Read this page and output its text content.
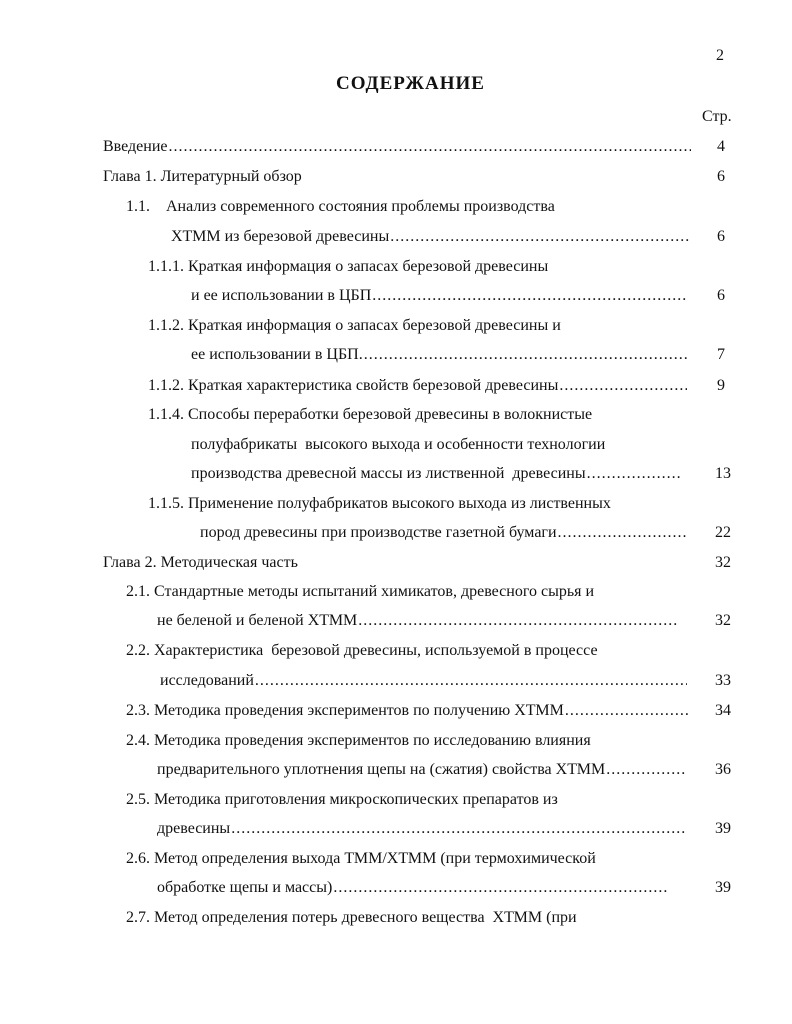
2
СОДЕРЖАНИЕ
Стр.
Введение .....	4
Глава 1. Литературный обзор	6
1.1.    Анализ современного состояния проблемы производства
ХТММ из березовой древесины .....	6
1.1.1. Краткая информация о запасах березовой древесины
и ее использовании в ЦБП .....	6
1.1.2. Краткая информация о запасах березовой древесины и
ее использовании в ЦБП. .....	7
1.1.2. Краткая характеристика свойств березовой древесины .....	9
1.1.4. Способы переработки березовой древесины в волокнистые
полуфабрикаты  высокого выхода и особенности технологии
производства древесной массы из лиственной  древесины .....	13
1.1.5. Применение полуфабрикатов высокого выхода из лиственных
пород древесины при производстве газетной бумаги .....	22
Глава 2. Методическая часть	32
2.1. Стандартные методы испытаний химикатов, древесного сырья и
не беленой и беленой ХТММ .....	32
2.2. Характеристика  березовой древесины, используемой в процессе
исследований .....	33
2.3. Методика проведения экспериментов по получению ХТММ .....	34
2.4. Методика проведения экспериментов по исследованию влияния
предварительного уплотнения щепы на (сжатия) свойства ХТММ .....	36
2.5. Методика приготовления микроскопических препаратов из
древесины .....	39
2.6. Метод определения выхода ТММ/ХТММ (при термохимической
обработке щепы и массы) .....	39
2.7. Метод определения потерь древесного вещества  ХТММ (при
